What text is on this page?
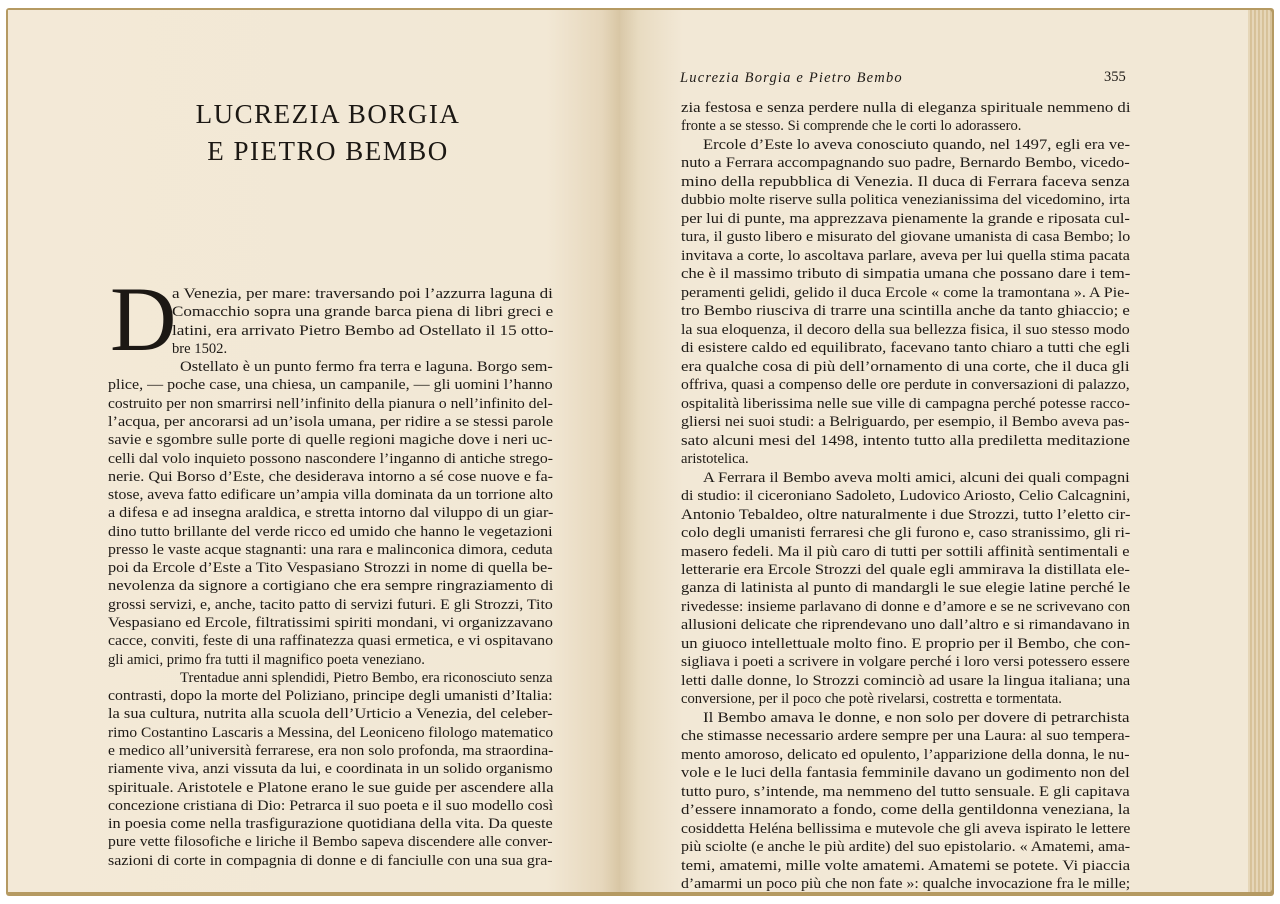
LUCREZIA BORGIA
E PIETRO BEMBO
D
a Venezia, per mare: traversando poi l’azzurra laguna di
Comacchio sopra una grande barca piena di libri greci e
latini, era arrivato Pietro Bembo ad Ostellato il 15 otto-
bre 1502.
Ostellato è un punto fermo fra terra e laguna. Borgo sem-
plice, — poche case, una chiesa, un campanile, — gli uomini l’hanno
costruito per non smarrirsi nell’infinito della pianura o nell’infinito del-
l’acqua, per ancorarsi ad un’isola umana, per ridire a se stessi parole
savie e sgombre sulle porte di quelle regioni magiche dove i neri uc-
celli dal volo inquieto possono nascondere l’inganno di antiche strego-
nerie. Qui Borso d’Este, che desiderava intorno a sé cose nuove e fa-
stose, aveva fatto edificare un’ampia villa dominata da un torrione alto
a difesa e ad insegna araldica, e stretta intorno dal viluppo di un giar-
dino tutto brillante del verde ricco ed umido che hanno le vegetazioni
presso le vaste acque stagnanti: una rara e malinconica dimora, ceduta
poi da Ercole d’Este a Tito Vespasiano Strozzi in nome di quella be-
nevolenza da signore a cortigiano che era sempre ringraziamento di
grossi servizi, e, anche, tacito patto di servizi futuri. E gli Strozzi, Tito
Vespasiano ed Ercole, filtratissimi spiriti mondani, vi organizzavano
cacce, conviti, feste di una raffinatezza quasi ermetica, e vi ospitavano
gli amici, primo fra tutti il magnifico poeta veneziano.
Trentadue anni splendidi, Pietro Bembo, era riconosciuto senza
contrasti, dopo la morte del Poliziano, principe degli umanisti d’Italia:
la sua cultura, nutrita alla scuola dell’Urticio a Venezia, del celeber-
rimo Costantino Lascaris a Messina, del Leoniceno filologo matematico
e medico all’università ferrarese, era non solo profonda, ma straordina-
riamente viva, anzi vissuta da lui, e coordinata in un solido organismo
spirituale. Aristotele e Platone erano le sue guide per ascendere alla
concezione cristiana di Dio: Petrarca il suo poeta e il suo modello così
in poesia come nella trasfigurazione quotidiana della vita. Da queste
pure vette filosofiche e liriche il Bembo sapeva discendere alle conver-
sazioni di corte in compagnia di donne e di fanciulle con una sua gra-
Lucrezia Borgia e Pietro Bembo	355
zia festosa e senza perdere nulla di eleganza spirituale nemmeno di
fronte a se stesso. Si comprende che le corti lo adorassero.
Ercole d’Este lo aveva conosciuto quando, nel 1497, egli era ve-
nuto a Ferrara accompagnando suo padre, Bernardo Bembo, vicedo-
mino della repubblica di Venezia. Il duca di Ferrara faceva senza
dubbio molte riserve sulla politica venezianissima del vicedomino, irta
per lui di punte, ma apprezzava pienamente la grande e riposata cul-
tura, il gusto libero e misurato del giovane umanista di casa Bembo; lo
invitava a corte, lo ascoltava parlare, aveva per lui quella stima pacata
che è il massimo tributo di simpatia umana che possano dare i tem-
peramenti gelidi, gelido il duca Ercole « come la tramontana ». A Pie-
tro Bembo riusciva di trarre una scintilla anche da tanto ghiaccio; e
la sua eloquenza, il decoro della sua bellezza fisica, il suo stesso modo
di esistere caldo ed equilibrato, facevano tanto chiaro a tutti che egli
era qualche cosa di più dell’ornamento di una corte, che il duca gli
offriva, quasi a compenso delle ore perdute in conversazioni di palazzo,
ospitalità liberissima nelle sue ville di campagna perché potesse racco-
gliersi nei suoi studi: a Belriguardo, per esempio, il Bembo aveva pas-
sato alcuni mesi del 1498, intento tutto alla prediletta meditazione
aristotelica.
A Ferrara il Bembo aveva molti amici, alcuni dei quali compagni
di studio: il ciceroniano Sadoleto, Ludovico Ariosto, Celio Calcagnini,
Antonio Tebaldeo, oltre naturalmente i due Strozzi, tutto l’eletto cir-
colo degli umanisti ferraresi che gli furono e, caso stranissimo, gli ri-
masero fedeli. Ma il più caro di tutti per sottili affinità sentimentali e
letterarie era Ercole Strozzi del quale egli ammirava la distillata ele-
ganza di latinista al punto di mandargli le sue elegie latine perché le
rivedesse: insieme parlavano di donne e d’amore e se ne scrivevano con
allusioni delicate che riprendevano uno dall’altro e si rimandavano in
un giuoco intellettuale molto fino. E proprio per il Bembo, che con-
sigliava i poeti a scrivere in volgare perché i loro versi potessero essere
letti dalle donne, lo Strozzi cominciò ad usare la lingua italiana; una
conversione, per il poco che potè rivelarsi, costretta e tormentata.
Il Bembo amava le donne, e non solo per dovere di petrarchista
che stimasse necessario ardere sempre per una Laura: al suo tempera-
mento amoroso, delicato ed opulento, l’apparizione della donna, le nu-
vole e le luci della fantasia femminile davano un godimento non del
tutto puro, s’intende, ma nemmeno del tutto sensuale. E gli capitava
d’essere innamorato a fondo, come della gentildonna veneziana, la
cosiddetta Heléna bellissima e mutevole che gli aveva ispirato le lettere
più sciolte (e anche le più ardite) del suo epistolario. « Amatemi, ama-
temi, amatemi, mille volte amatemi. Amatemi se potete. Vi piaccia
d’amarmi un poco più che non fate »: qualche invocazione fra le mille;
